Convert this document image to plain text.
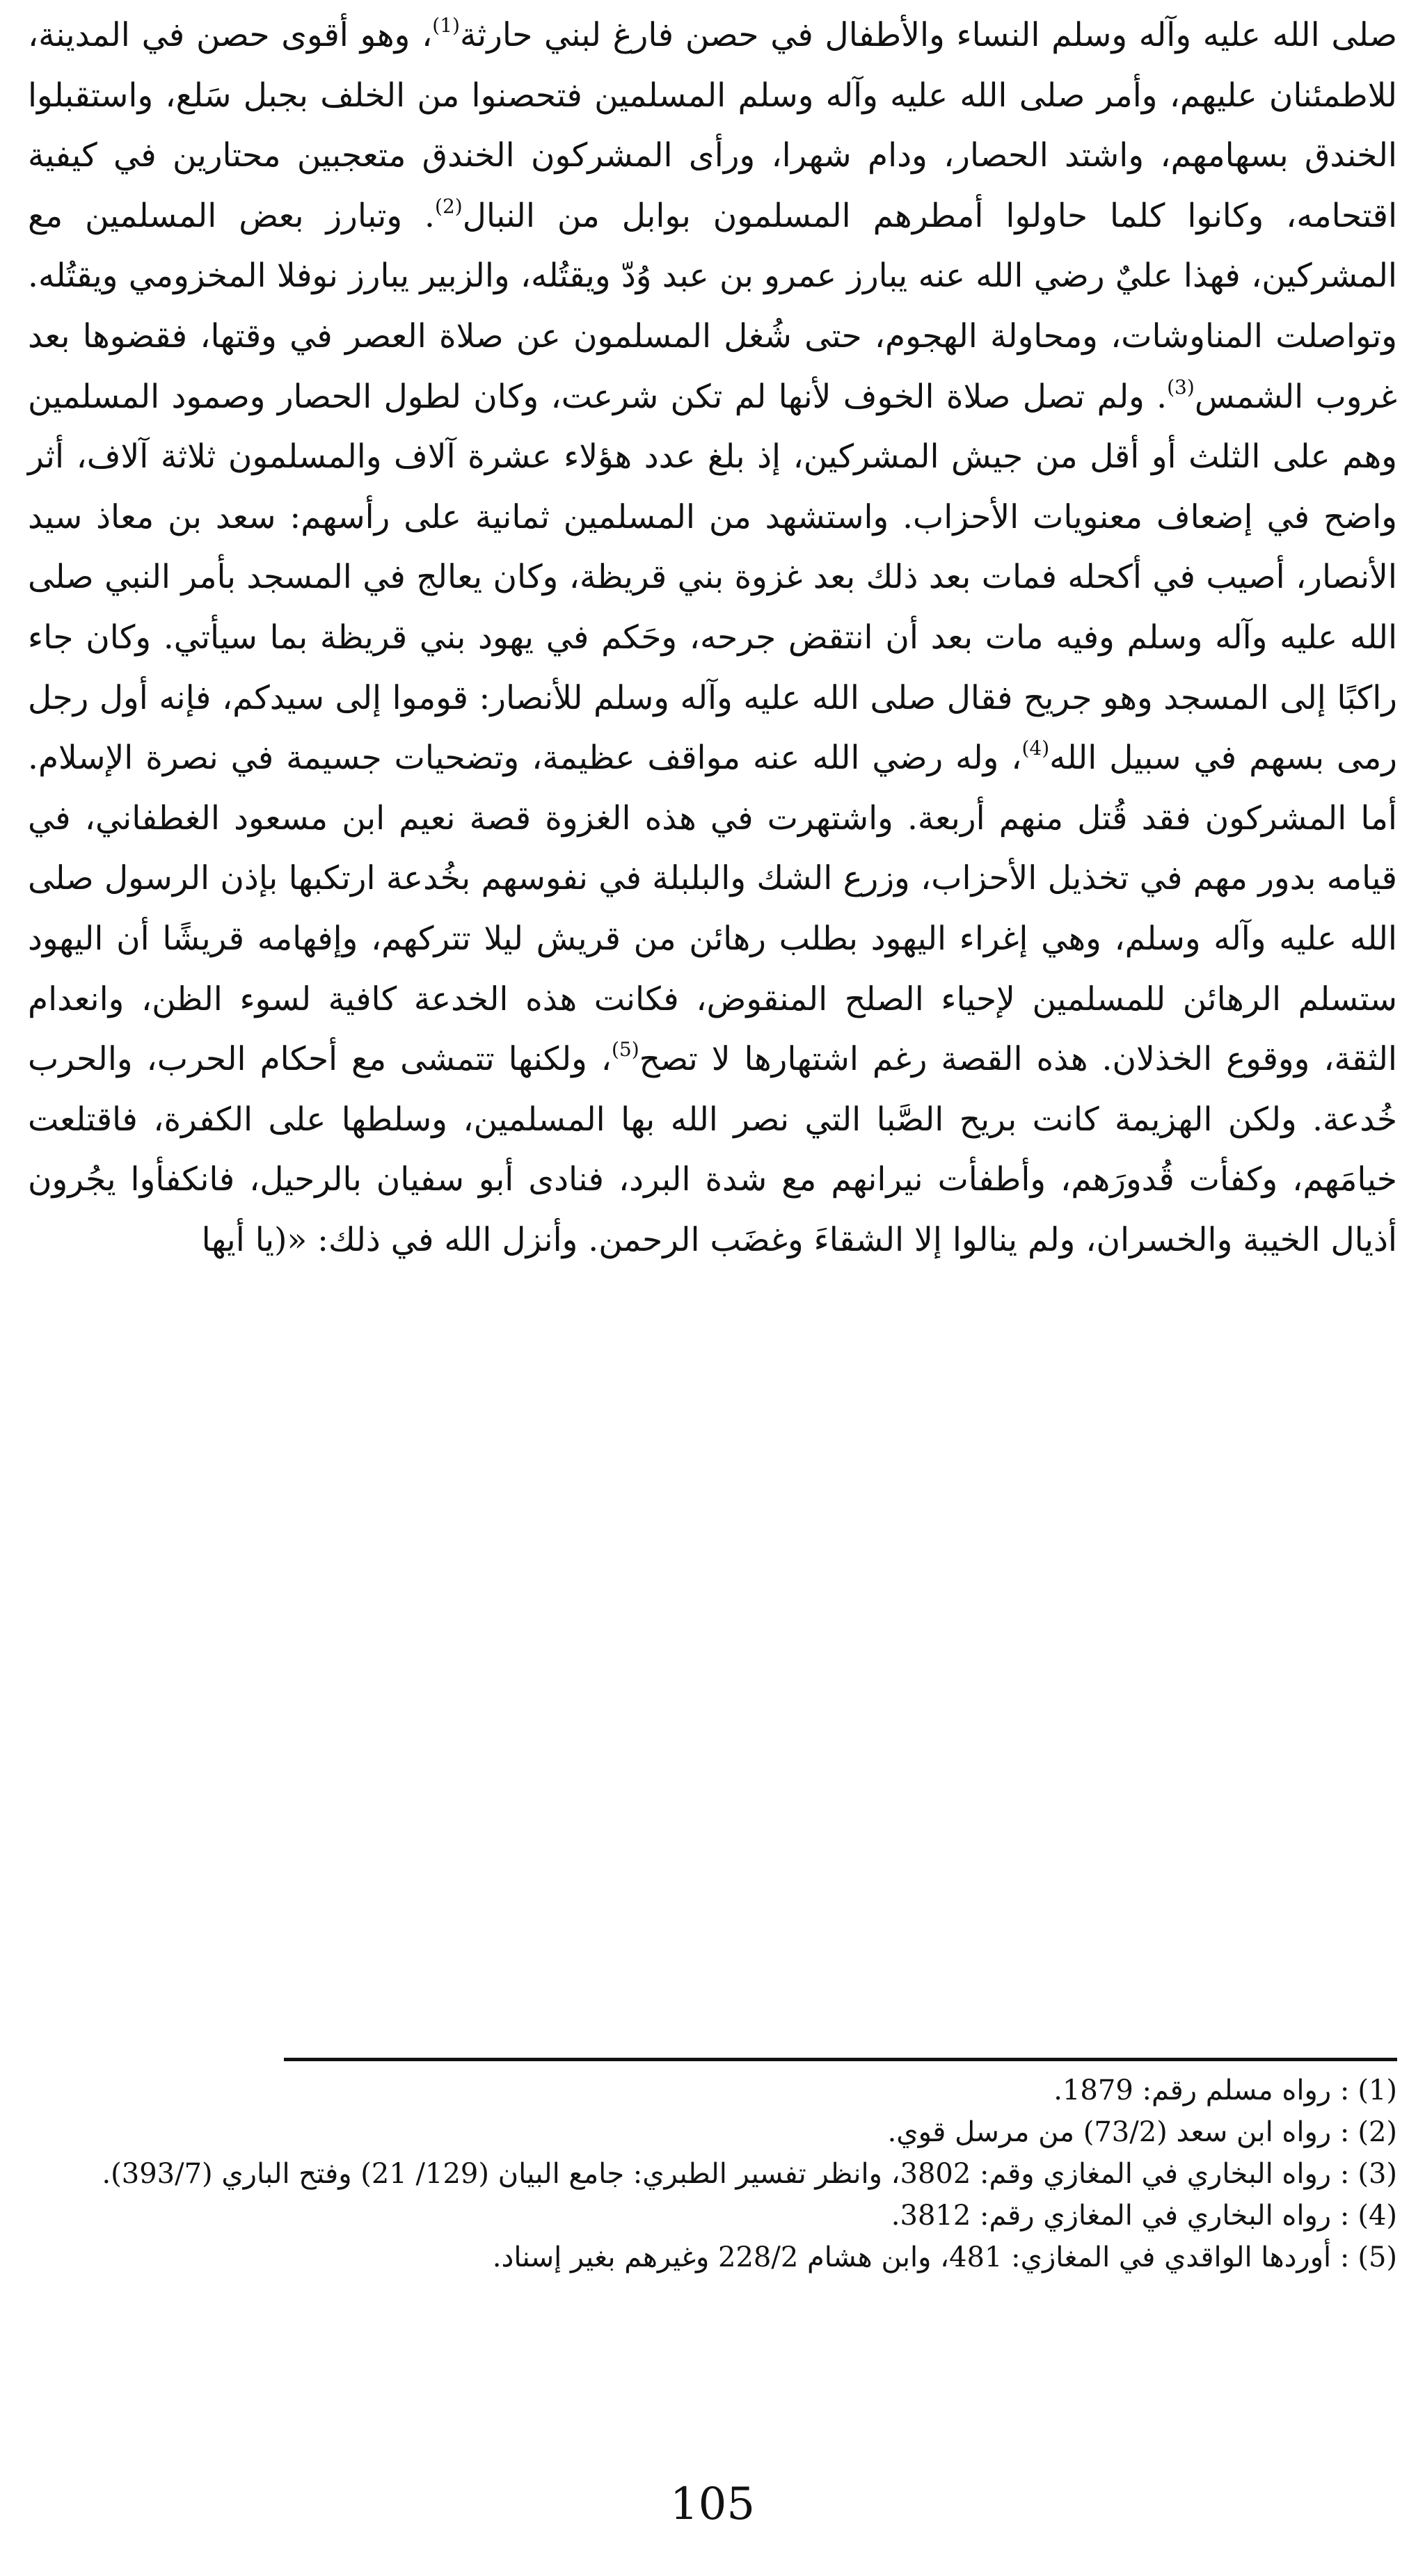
صلى الله عليه وآله وسلم النساء والأطفال في حصن فارغ لبني حارثة$^{(1)}$، وهو أقوى حصن في المدينة، للاطمئنان عليهم، وأمر صلى الله عليه وآله وسلم المسلمين فتحصنوا من الخلف بجبل سَلع، واستقبلوا الخندق بسهامهم، واشتد الحصار، ودام شهرا، ورأى المشركون الخندق متعجبين محتارين في كيفية اقتحامه، وكانوا كلما حاولوا أمطرهم المسلمون بوابل من النبال$^{(2)}$. وتبارز بعض المسلمين مع المشركين، فهذا عليٌ رضي الله عنه يبارز عمرو بن عبد وُدّ ويقتُله، والزبير يبارز نوفلا المخزومي ويقتُله. وتواصلت المناوشات، ومحاولة الهجوم، حتى شُغل المسلمون عن صلاة العصر في وقتها، فقضوها بعد غروب الشمس$^{(3)}$. ولم تصل صلاة الخوف لأنها لم تكن شرعت، وكان لطول الحصار وصمود المسلمين وهم على الثلث أو أقل من جيش المشركين، إذ بلغ عدد هؤلاء عشرة آلاف والمسلمون ثلاثة آلاف، أثر واضح في إضعاف معنويات الأحزاب. واستشهد من المسلمين ثمانية على رأسهم: سعد بن معاذ سيد الأنصار، أصيب في أكحله فمات بعد ذلك بعد غزوة بني قريظة، وكان يعالج في المسجد بأمر النبي صلى الله عليه وآله وسلم وفيه مات بعد أن انتقض جرحه، وحَكم في يهود بني قريظة بما سيأتي. وكان جاء راكبًا إلى المسجد وهو جريح فقال صلى الله عليه وآله وسلم للأنصار: قوموا إلى سيدكم، فإنه أول رجل رمى بسهم في سبيل الله$^{(4)}$، وله رضي الله عنه مواقف عظيمة، وتضحيات جسيمة في نصرة الإسلام. أما المشركون فقد قُتل منهم أربعة. واشتهرت في هذه الغزوة قصة نعيم ابن مسعود الغطفاني، في قيامه بدور مهم في تخذيل الأحزاب، وزرع الشك والبلبلة في نفوسهم بخُدعة ارتكبها بإذن الرسول صلى الله عليه وآله وسلم، وهي إغراء اليهود بطلب رهائن من قريش ليلا تتركهم، وإفهامه قريشًا أن اليهود ستسلم الرهائن للمسلمين لإحياء الصلح المنقوض، فكانت هذه الخدعة كافية لسوء الظن، وانعدام الثقة، ووقوع الخذلان. هذه القصة رغم اشتهارها لا تصح$^{(5)}$، ولكنها تتمشى مع أحكام الحرب، والحرب خُدعة. ولكن الهزيمة كانت بريح الصَّبا التي نصر الله بها المسلمين، وسلطها على الكفرة، فاقتلعت خيامَهم، وكفأت قُدورَهم، وأطفأت نيرانهم مع شدة البرد، فنادى أبو سفيان بالرحيل، فانكفأوا يجُرون أذيال الخيبة والخسران، ولم ينالوا إلا الشقاءَ وغضَب الرحمن. وأنزل الله في ذلك: «(يا أيها

(1)
: رواه مسلم رقم: 1879.
(2)
: رواه ابن سعد (73/2) من مرسل قوي.
(3)
: رواه البخاري في المغازي وقم: 3802، وانظر تفسير الطبري: جامع البيان (129/ 21) وفتح الباري (393/7).
(4)
: رواه البخاري في المغازي رقم: 3812.
(5)
: أوردها الواقدي في المغازي: 481، وابن هشام 228/2 وغيرهم بغير إسناد.
105
